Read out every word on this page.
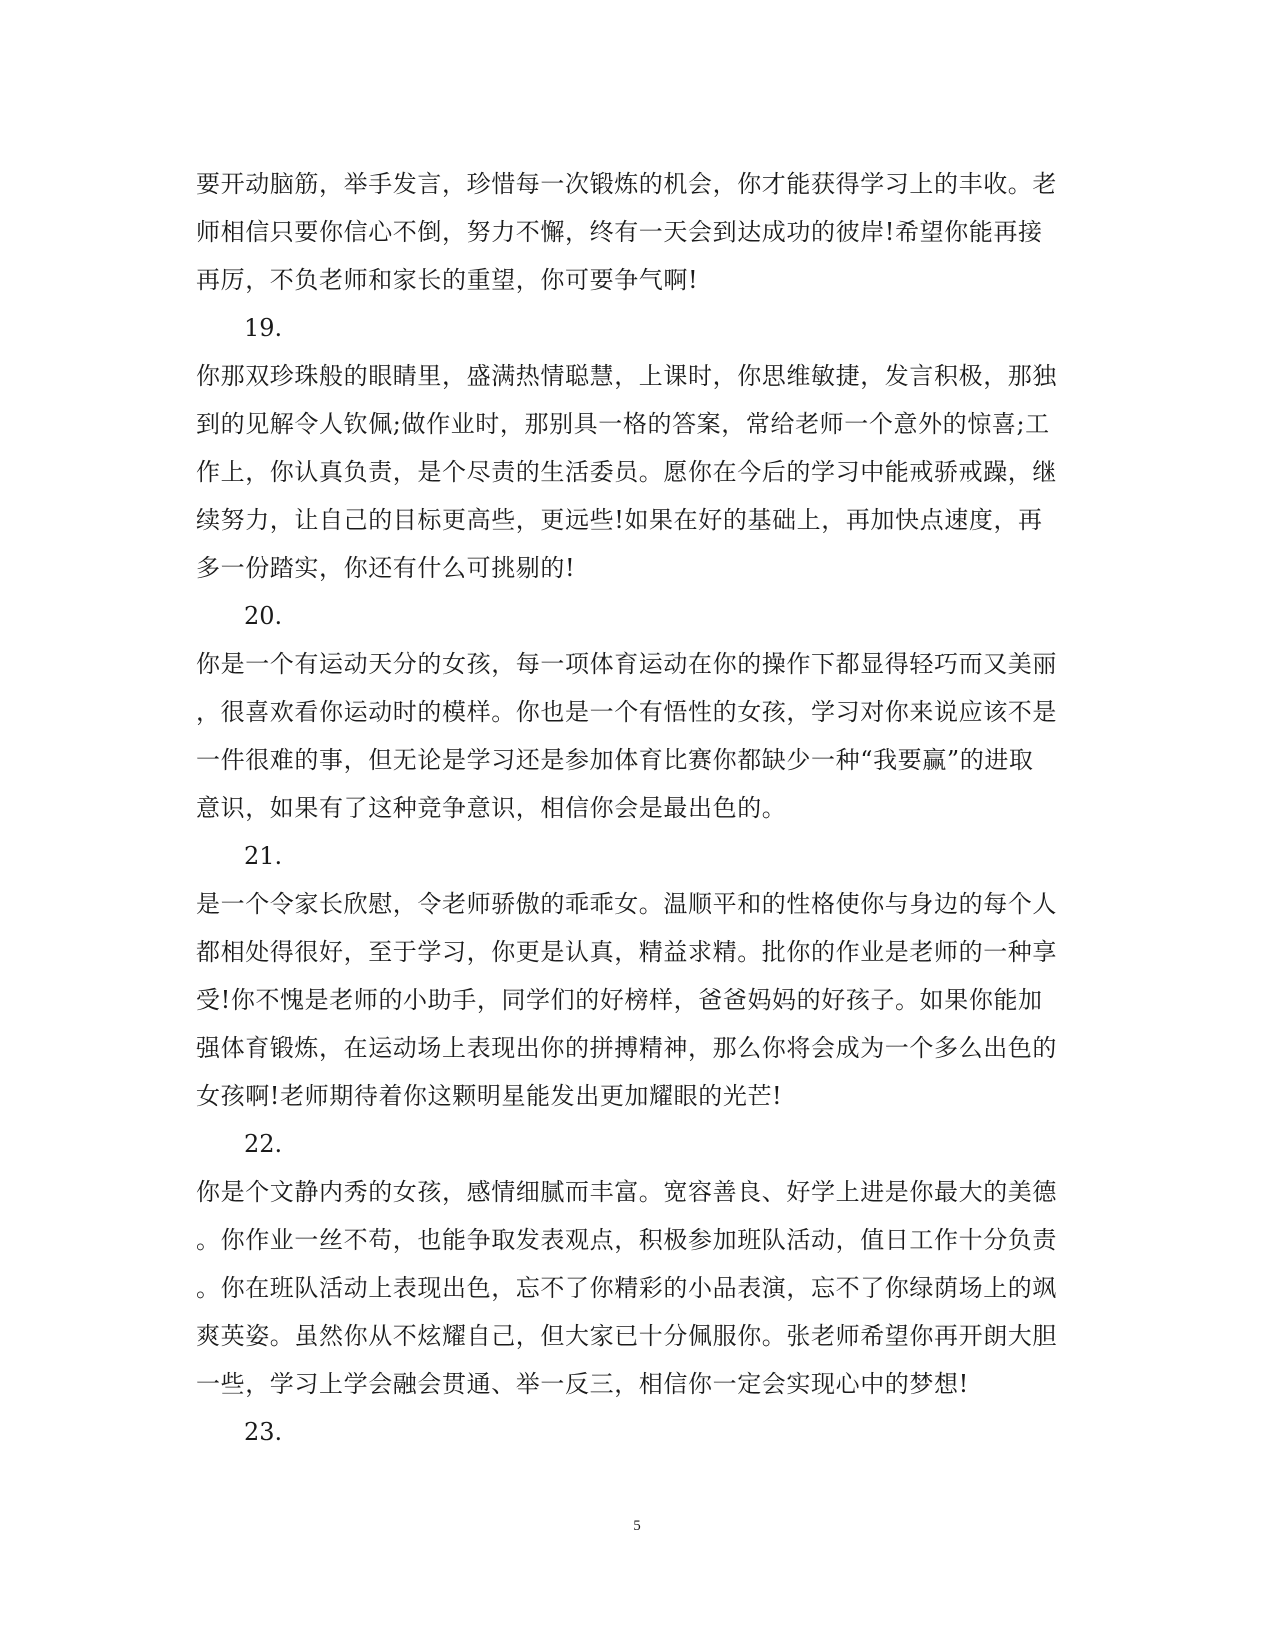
要开动脑筋，举手发言，珍惜每一次锻炼的机会，你才能获得学习上的丰收。老
师相信只要你信心不倒，努力不懈，终有一天会到达成功的彼岸!希望你能再接
再厉，不负老师和家长的重望，你可要争气啊!
19.
你那双珍珠般的眼睛里，盛满热情聪慧，上课时，你思维敏捷，发言积极，那独
到的见解令人钦佩;做作业时，那别具一格的答案，常给老师一个意外的惊喜;工
作上，你认真负责，是个尽责的生活委员。愿你在今后的学习中能戒骄戒躁，继
续努力，让自己的目标更高些，更远些!如果在好的基础上，再加快点速度，再
多一份踏实，你还有什么可挑剔的!
20.
你是一个有运动天分的女孩，每一项体育运动在你的操作下都显得轻巧而又美丽
，很喜欢看你运动时的模样。你也是一个有悟性的女孩，学习对你来说应该不是
一件很难的事，但无论是学习还是参加体育比赛你都缺少一种“我要赢”的进取
意识，如果有了这种竞争意识，相信你会是最出色的。
21.
是一个令家长欣慰，令老师骄傲的乖乖女。温顺平和的性格使你与身边的每个人
都相处得很好，至于学习，你更是认真，精益求精。批你的作业是老师的一种享
受!你不愧是老师的小助手，同学们的好榜样，爸爸妈妈的好孩子。如果你能加
强体育锻炼，在运动场上表现出你的拼搏精神，那么你将会成为一个多么出色的
女孩啊!老师期待着你这颗明星能发出更加耀眼的光芒!
22.
你是个文静内秀的女孩，感情细腻而丰富。宽容善良、好学上进是你最大的美德
。你作业一丝不苟，也能争取发表观点，积极参加班队活动，值日工作十分负责
。你在班队活动上表现出色，忘不了你精彩的小品表演，忘不了你绿荫场上的飒
爽英姿。虽然你从不炫耀自己，但大家已十分佩服你。张老师希望你再开朗大胆
一些，学习上学会融会贯通、举一反三，相信你一定会实现心中的梦想!
23.
5
